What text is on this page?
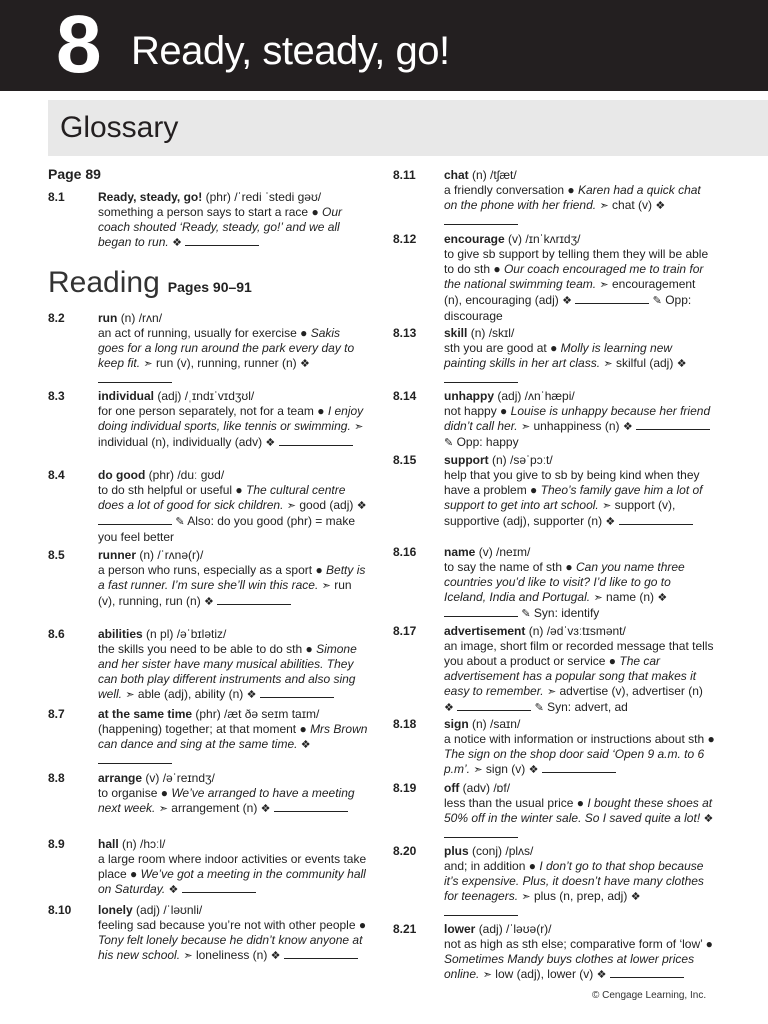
8 Ready, steady, go!
Glossary
Page 89
Reading Pages 90–91
8.1	Ready, steady, go! (phr) /ˈredi ˈstedi ɡəʊ/
something a person says to start a race ● Our coach shouted ‘Ready, steady, go!’ and we all began to run. ❖
8.2	run (n) /rʌn/
an act of running, usually for exercise ● Sakis goes for a long run around the park every day to keep fit. ➣ run (v), running, runner (n) ❖
8.3	individual (adj) /ˌɪndɪˈvɪdʒʊl/
for one person separately, not for a team ● I enjoy doing individual sports, like tennis or swimming. ➣ individual (n), individually (adv) ❖
8.4	do good (phr) /duː ɡʊd/
to do sth helpful or useful ● The cultural centre does a lot of good for sick children. ➣ good (adj) ❖  ✎ Also: do you good (phr) = make you feel better
8.5	runner (n) /ˈrʌnə(r)/
a person who runs, especially as a sport ● Betty is a fast runner. I’m sure she’ll win this race. ➣ run (v), running, run (n) ❖
8.6	abilities (n pl) /əˈbɪlətiz/
the skills you need to be able to do sth ● Simone and her sister have many musical abilities. They can both play different instruments and also sing well. ➣ able (adj), ability (n) ❖
8.7	at the same time (phr) /æt ðə seɪm taɪm/
(happening) together; at that moment ● Mrs Brown can dance and sing at the same time. ❖
8.8	arrange (v) /əˈreɪndʒ/
to organise ● We’ve arranged to have a meeting next week. ➣ arrangement (n) ❖
8.9	hall (n) /hɔːl/
a large room where indoor activities or events take place ● We’ve got a meeting in the community hall on Saturday. ❖
8.10 lonely (adj) /ˈləʊnli/
feeling sad because you’re not with other people ● Tony felt lonely because he didn’t know anyone at his new school. ➣ loneliness (n) ❖
8.11 chat (n) /tʃæt/
a friendly conversation ● Karen had a quick chat on the phone with her friend. ➣ chat (v) ❖
8.12 encourage (v) /ɪnˈkʌrɪdʒ/
to give sb support by telling them they will be able to do sth ● Our coach encouraged me to train for the national swimming team. ➣ encouragement (n), encouraging (adj) ❖	✎ Opp: discourage
8.13 skill (n) /skɪl/
sth you are good at ● Molly is learning new painting skills in her art class. ➣ skilful (adj) ❖
8.14 unhappy (adj) /ʌnˈhæpi/
not happy ● Louise is unhappy because her friend didn’t call her. ➣ unhappiness (n) ❖  ✎ Opp: happy
8.15 support (n) /səˈpɔːt/
help that you give to sb by being kind when they have a problem ● Theo’s family gave him a lot of support to get into art school. ➣ support (v), supportive (adj), supporter (n) ❖
8.16 name (v) /neɪm/
to say the name of sth ● Can you name three countries you’d like to visit? I’d like to go to Iceland, India and Portugal. ➣ name (n) ❖  ✎ Syn: identify
8.17 advertisement (n) /ədˈvɜːtɪsmənt/
an image, short film or recorded message that tells you about a product or service ● The car advertisement has a popular song that makes it easy to remember. ➣ advertise (v), advertiser (n) ❖	✎ Syn: advert, ad
8.18 sign (n) /saɪn/
a notice with information or instructions about sth ● The sign on the shop door said ‘Open 9 a.m. to 6 p.m’. ➣ sign (v) ❖
8.19 off (adv) /ɒf/
less than the usual price ● I bought these shoes at 50% off in the winter sale. So I saved quite a lot! ❖
8.20 plus (conj) /plʌs/
and; in addition ● I don’t go to that shop because it’s expensive. Plus, it doesn’t have many clothes for teenagers. ➣ plus (n, prep, adj) ❖
8.21 lower (adj) /ˈləʊə(r)/
not as high as sth else; comparative form of ‘low’ ● Sometimes Mandy buys clothes at lower prices online. ➣ low (adj), lower (v) ❖
© Cengage Learning, Inc.
